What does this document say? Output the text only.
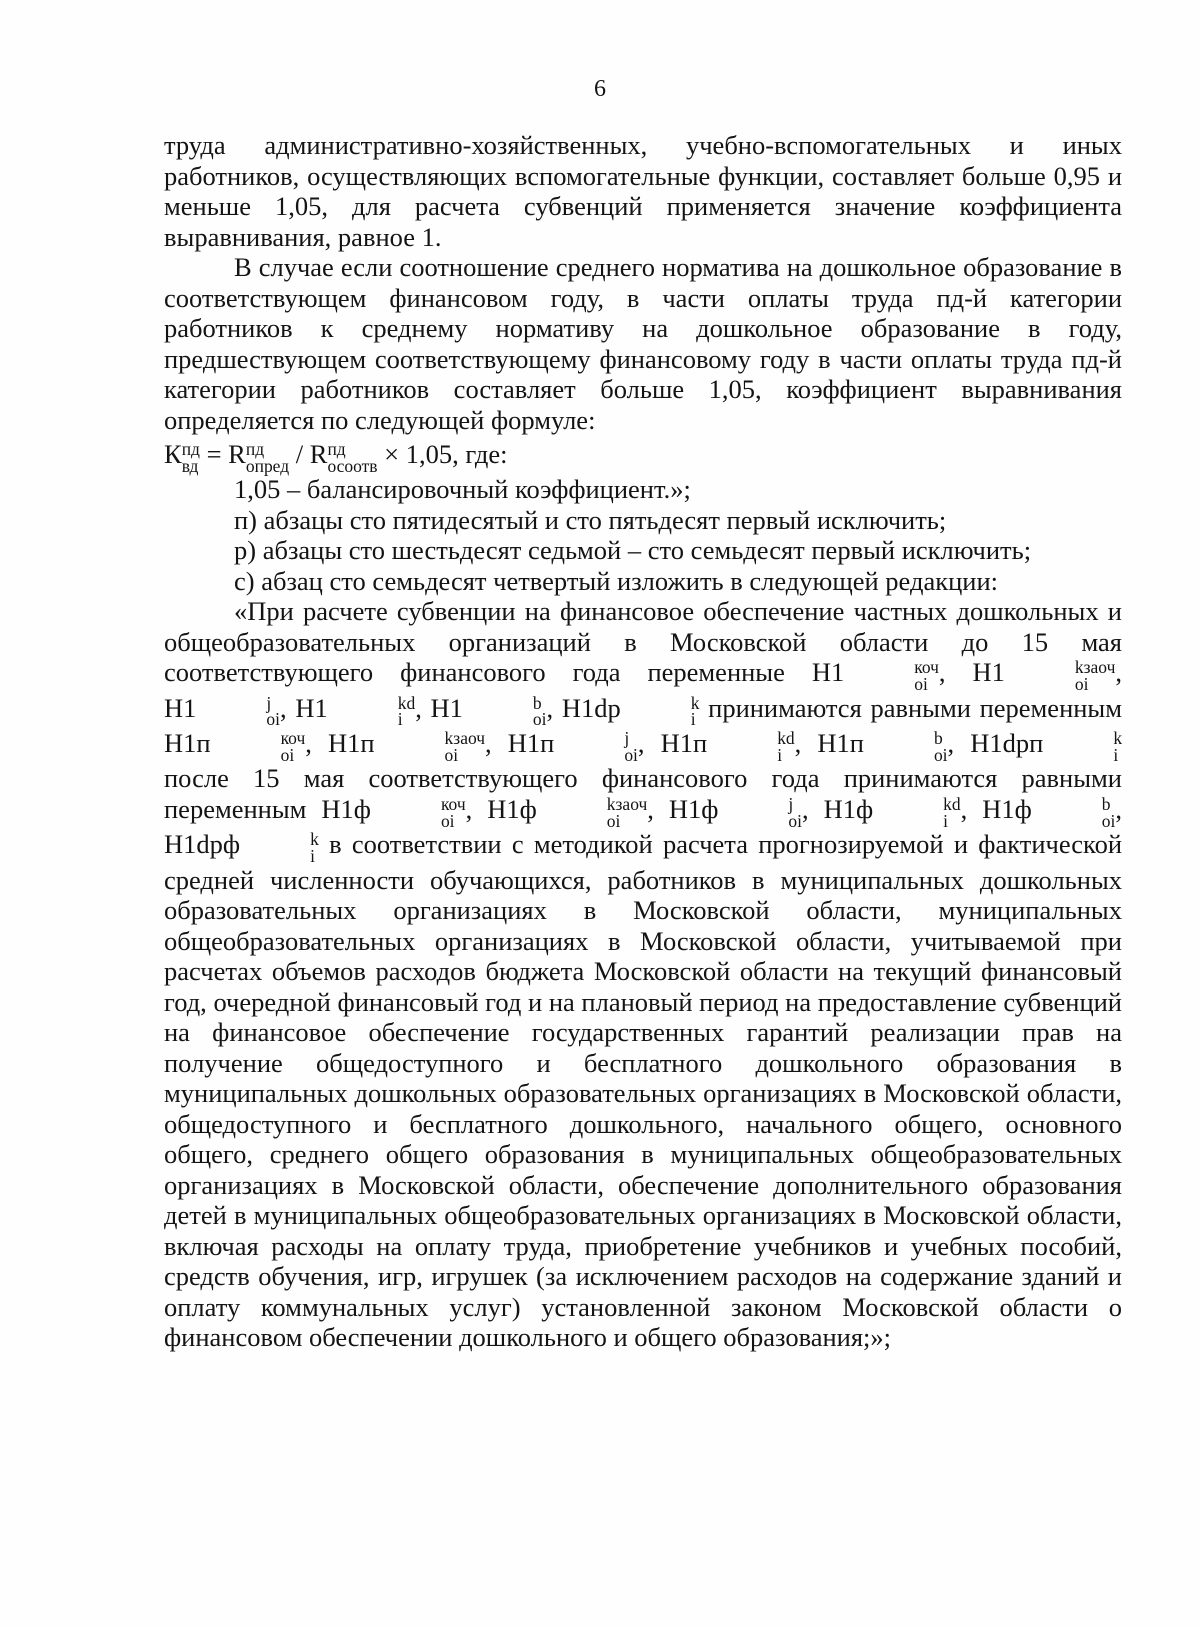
6

труда административно-хозяйственных, учебно-вспомогательных и иных работников, осуществляющих вспомогательные функции, составляет больше 0,95 и меньше 1,05, для расчета субвенций применяется значение коэффициента выравнивания, равное 1.

В случае если соотношение среднего норматива на дошкольное образование в соответствующем финансовом году, в части оплаты труда пд-й категории работников к среднему нормативу на дошкольное образование в году, предшествующем соответствующему финансовому году в части оплаты труда пд-й категории работников составляет больше 1,05, коэффициент выравнивания определяется по следующей формуле:

К пд
вд = R пд
опред / R пд
осоотв × 1,05, где:

1,05 – балансировочный коэффициент.»;

п) абзацы сто пятидесятый и сто пятьдесят первый исключить;

р) абзацы сто шестьдесят седьмой – сто семьдесят первый исключить;

с) абзац сто семьдесят четвертый изложить в следующей редакции:

«При расчете субвенции на финансовое обеспечение частных дошкольных и общеобразовательных организаций в Московской области до 15 мая соответствующего финансового года переменные Н1	коч
oi , Н1	kзаоч
oi	, Н1	j
oi , Н1	kd
i , Н1	b
oi , Н1dр	k
i принимаются равными переменным Н1п	коч
oi , Н1п	kзаоч
oi	, Н1п	j
oi , Н1п	kd
i , Н1п	b
oi , Н1dрп	k
i
после 15 мая соответствующего финансового года принимаются равными переменным Н1ф	коч
oi , Н1ф	kзаоч
oi	, Н1ф	j
oi , Н1ф	kd
i , Н1ф	b
oi , Н1dрф	k
i в соответствии с методикой расчета прогнозируемой и фактической средней численности обучающихся, работников в муниципальных дошкольных образовательных организациях в Московской области, муниципальных общеобразовательных организациях в Московской области, учитываемой при расчетах объемов расходов бюджета Московской области на текущий финансовый год, очередной финансовый год и на плановый период на предоставление субвенций на финансовое обеспечение государственных гарантий реализации прав на получение общедоступного и бесплатного дошкольного образования в муниципальных дошкольных образовательных организациях в Московской области, общедоступного и бесплатного дошкольного, начального общего, основного общего, среднего общего образования в муниципальных общеобразовательных организациях в Московской области, обеспечение дополнительного образования детей в муниципальных общеобразовательных организациях в Московской области, включая расходы на оплату труда, приобретение учебников и учебных пособий, средств обучения, игр, игрушек (за исключением расходов на содержание зданий и оплату коммунальных услуг) установленной законом Московской области о финансовом обеспечении дошкольного и общего образования;»;
